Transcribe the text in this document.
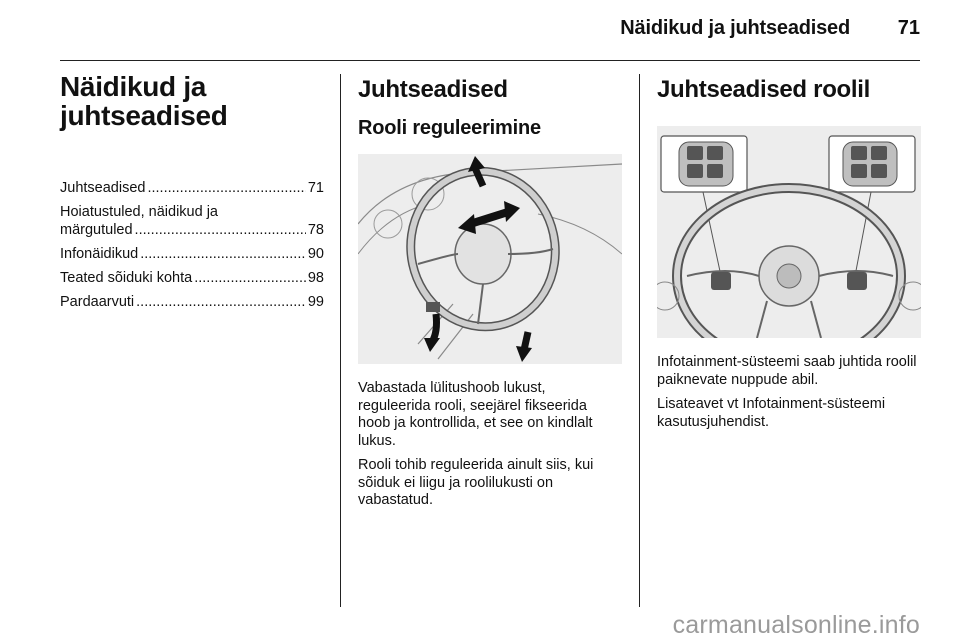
Näidikud ja juhtseadised 71
Näidikud ja
juhtseadised
Juhtseadised .....	71
Hoiatustuled, näidikud ja
märgutuled .....	78
Infonäidikud .....	90
Teated sõiduki kohta .....	98
Pardaarvuti .....	99
Juhtseadised
Rooli reguleerimine

Vabastada lülitushoob lukust, reguleerida rooli, seejärel fikseerida hoob ja kontrollida, et see on kindlalt lukus.

Rooli tohib reguleerida ainult siis, kui sõiduk ei liigu ja roolilukusti on vabastatud.

Juhtseadised roolil

Infotainment-süsteemi saab juhtida roolil paiknevate nuppude abil.

Lisateavet vt Infotainment-süsteemi kasutusjuhendist.

carmanualsonline.info
